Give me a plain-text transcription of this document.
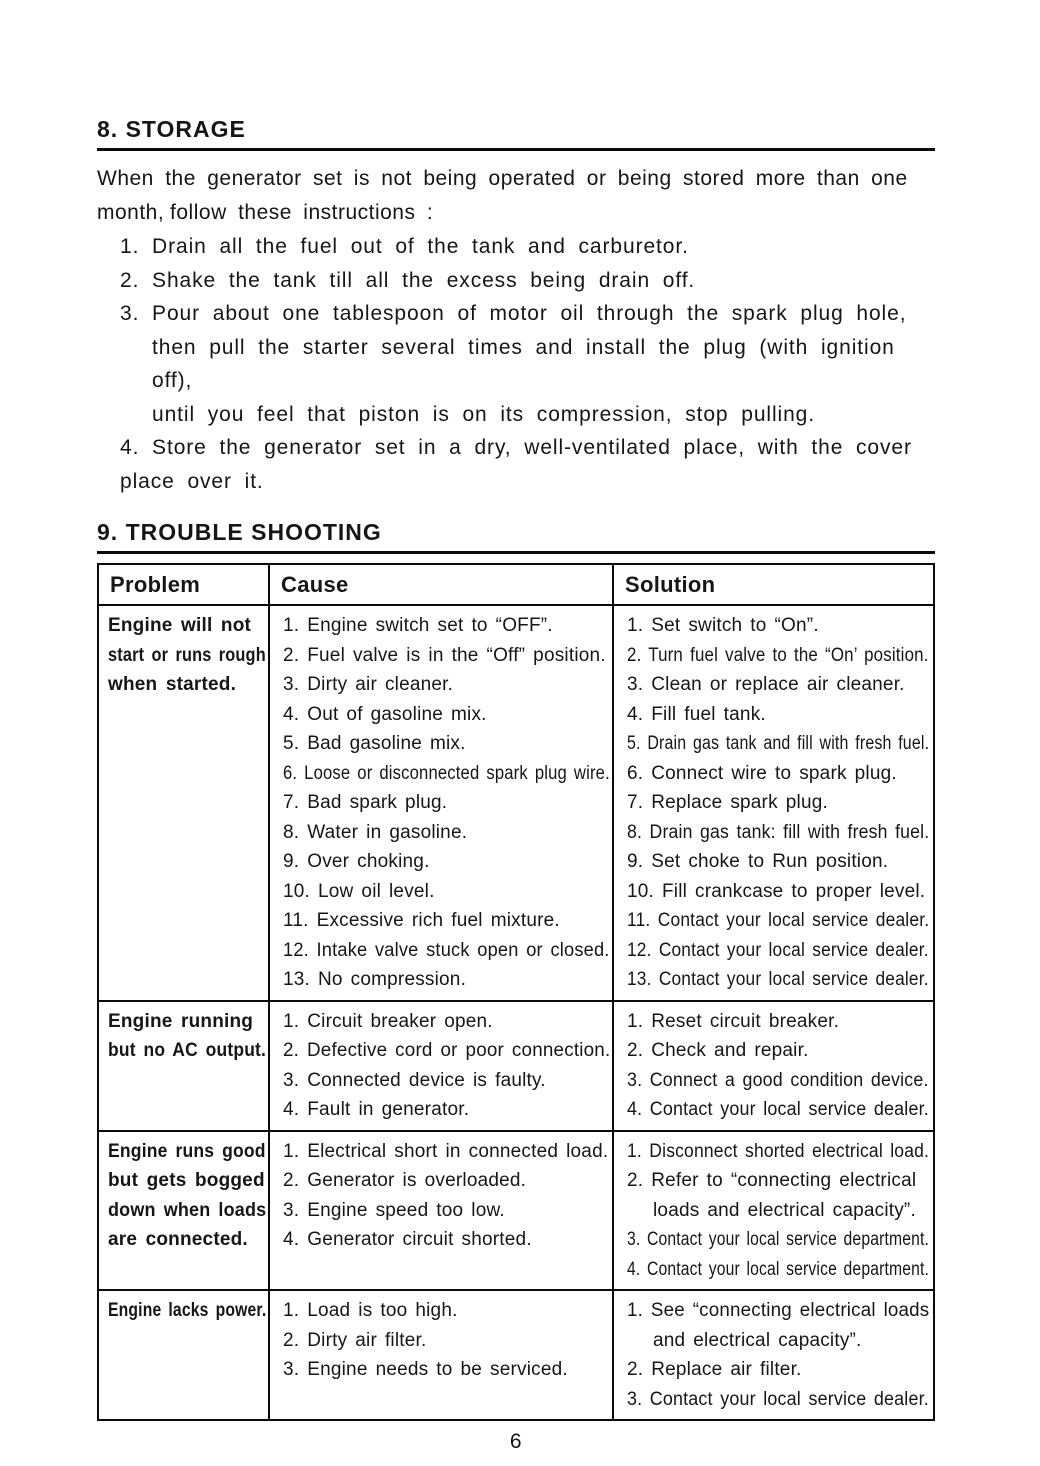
8. STORAGE
When the generator set is not being operated or being stored more than one month, follow these instructions :
1. Drain all the fuel out of the tank and carburetor.
2. Shake the tank till all the excess being drain off.
3. Pour about one tablespoon of motor oil through the spark plug hole,
then pull the starter several times and install the plug (with ignition off),
until you feel that piston is on its compression, stop pulling.
4. Store the generator set in a dry, well-ventilated place, with the cover place over it.
9. TROUBLE SHOOTING
Problem	Cause	Solution
Engine will not
start or runs rough
when started.
1. Engine switch set to “OFF”.
2. Fuel valve is in the “Off” position.
3. Dirty air cleaner.
4. Out of gasoline mix.
5. Bad gasoline mix.
6. Loose or disconnected spark plug wire.
7. Bad spark plug.
8. Water in gasoline.
9. Over choking.
10. Low oil level.
11. Excessive rich fuel mixture.
12. Intake valve stuck open or closed.
13. No compression.
1. Set switch to “On”.
2. Turn fuel valve to the “On’ position.
3. Clean or replace air cleaner.
4. Fill fuel tank.
5. Drain gas tank and fill with fresh fuel.
6. Connect wire to spark plug.
7. Replace spark plug.
8. Drain gas tank: fill with fresh fuel.
9. Set choke to Run position.
10. Fill crankcase to proper level.
11. Contact your local service dealer.
12. Contact your local service dealer.
13. Contact your local service dealer.
Engine running
but no AC output.
1. Circuit breaker open.
2. Defective cord or poor connection.
3. Connected device is faulty.
4. Fault in generator.
1. Reset circuit breaker.
2. Check and repair.
3. Connect a good condition device.
4. Contact your local service dealer.
Engine runs good
but gets bogged
down when loads
are connected.
1. Electrical short in connected load.
2. Generator is overloaded.
3. Engine speed too low.
4. Generator circuit shorted.
1. Disconnect shorted electrical load.
2. Refer to “connecting electrical
loads and electrical capacity”.
3. Contact your local service department.
4. Contact your local service department.
Engine lacks power. 1. Load is too high.
2. Dirty air filter.
3. Engine needs to be serviced.
1. See “connecting electrical loads
and electrical capacity”.
2. Replace air filter.
3. Contact your local service dealer.
6
